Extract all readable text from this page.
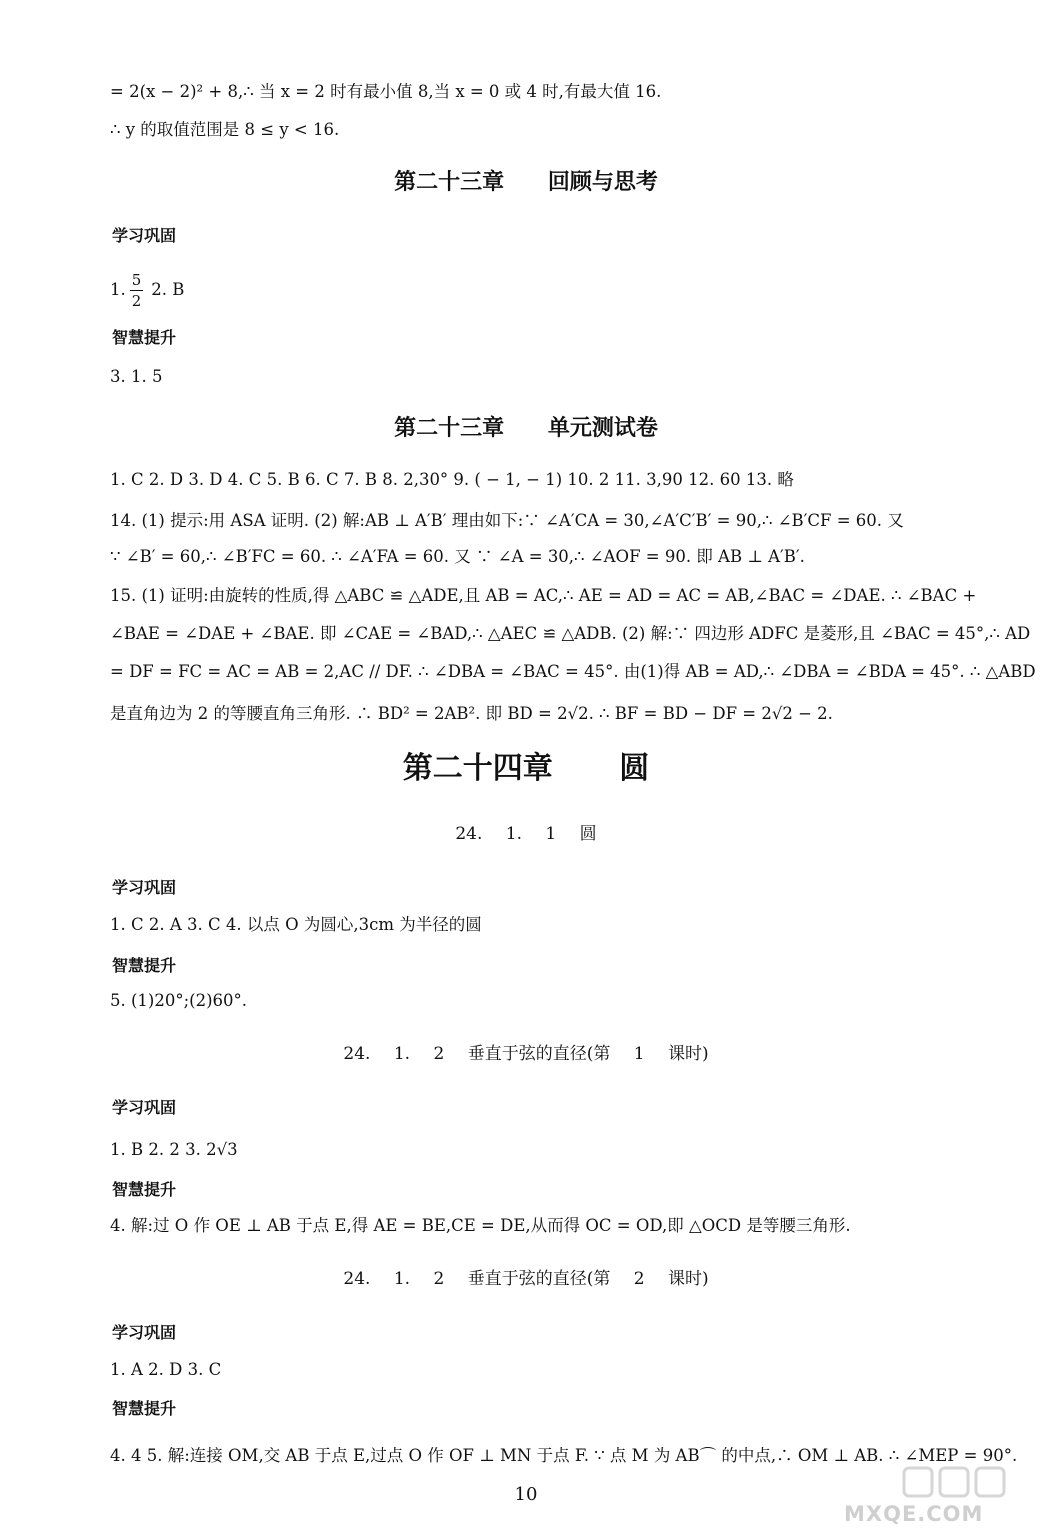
= 2(x − 2)² + 8,∴ 当 x = 2 时有最小值 8,当 x = 0 或 4 时,有最大值 16.
∴ y 的取值范围是 8 ≤ y < 16.
第二十三章 回顾与思考
学习巩固
1. $\frac{5}{2} 2$. B
智慧提升
3. 1. 5
第二十三章 单元测试卷
1. C 2. D 3. D 4. C 5. B 6. C 7. B 8. 2,30° 9. ( − 1, − 1) 10. 2 11. 3,90 12. 60 13. 略
14. (1) 提示:用 ASA 证明. (2) 解:AB ⊥ A′B′ 理由如下:∵ ∠A′CA = 30,∠A′C′B′ = 90,∴ ∠B′CF = 60. 又
∵ ∠B′ = 60,∴ ∠B′FC = 60. ∴ ∠A′FA = 60. 又 ∵ ∠A = 30,∴ ∠AOF = 90. 即 AB ⊥ A′B′.
15. (1) 证明:由旋转的性质,得 △ABC ≌ △ADE,且 AB = AC,∴ AE = AD = AC = AB,∠BAC = ∠DAE. ∴ ∠BAC +
∠BAE = ∠DAE + ∠BAE. 即 ∠CAE = ∠BAD,∴ △AEC ≌ △ADB. (2) 解:∵ 四边形 ADFC 是菱形,且 ∠BAC = 45°,∴ AD
= DF = FC = AC = AB = 2,AC // DF. ∴ ∠DBA = ∠BAC = 45°. 由(1)得 AB = AD,∴ ∠DBA = ∠BDA = 45°. ∴ △ABD
是直角边为 2 的等腰直角三角形. ∴ BD² = 2AB². 即 BD = 2√2. ∴ BF = BD − DF = 2√2 − 2.
第二十四章 圆
24. 1. 1 圆
学习巩固
1. C 2. A 3. C 4. 以点 O 为圆心,3cm 为半径的圆
智慧提升
5. (1)20°;(2)60°.
24. 1. 2 垂直于弦的直径(第 1 课时)
学习巩固
1. B 2. 2 3. 2√3
智慧提升
4. 解:过 O 作 OE ⊥ AB 于点 E,得 AE = BE,CE = DE,从而得 OC = OD,即 △OCD 是等腰三角形.
24. 1. 2 垂直于弦的直径(第 2 课时)
学习巩固
1. A 2. D 3. C
智慧提升
4. 4 5. 解:连接 OM,交 AB 于点 E,过点 O 作 OF ⊥ MN 于点 F. ∵ 点 M 为 AB⌒ 的中点,∴ OM ⊥ AB. ∴ ∠MEP = 90°.
10
MXQE.COM
